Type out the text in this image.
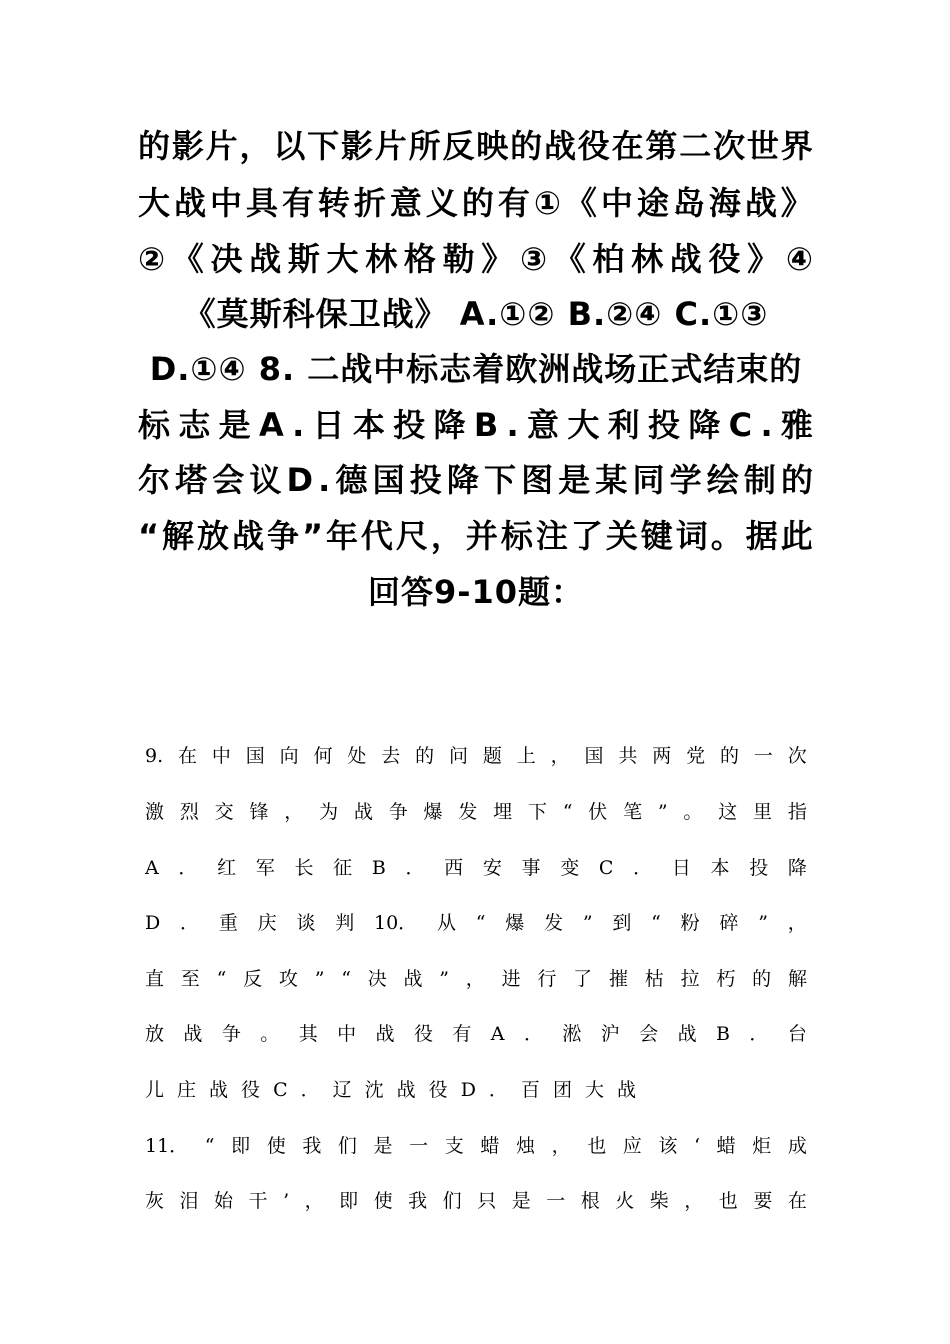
的 影 片 ， 以 下 影 片 所 反 映 的 战 役 在 第 二 次 世 界
大 战 中 具 有 转 折 意 义 的 有 ① 《 中 途 岛 海 战 》
② 《 决 战 斯 大 林 格 勒 》 ③ 《 柏 林 战 役 》 ④
《莫斯科保卫战》 A.①② B.②④ C.①③
D.①④ 8. 二战中标志着欧洲战场正式结束的
标 志 是 A . 日 本 投 降 B . 意 大 利 投 降 C . 雅
尔 塔 会 议 D . 德 国 投 降 下 图 是 某 同 学 绘 制 的
“ 解 放 战 争 ” 年 代 尺 ， 并 标 注 了 关 键 词 。 据 此
回答9-10题：
9. 在 中 国 向 何 处 去 的 问 题 上 ， 国 共 两 党 的 一 次
激 烈 交 锋 ， 为 战 争 爆 发 埋 下 “ 伏 笔 ” 。 这 里 指
A ． 红 军 长 征 B ． 西 安 事 变 C ． 日 本 投 降
D ． 重 庆 谈 判 10． 从 “ 爆 发 ” 到 “ 粉 碎 ” ，
直 至 “ 反 攻 ” “ 决 战 ” ， 进 行 了 摧 枯 拉 朽 的 解
放 战 争 。 其 中 战 役 有 A ． 淞 沪 会 战 B ． 台
儿 庄 战 役 C ． 辽 沈 战 役 D ． 百 团 大 战
11． “ 即 使 我 们 是 一 支 蜡 烛 ， 也 应 该 ‘ 蜡 炬 成
灰 泪 始 干 ’ ， 即 使 我 们 只 是 一 根 火 柴 ， 也 要 在
